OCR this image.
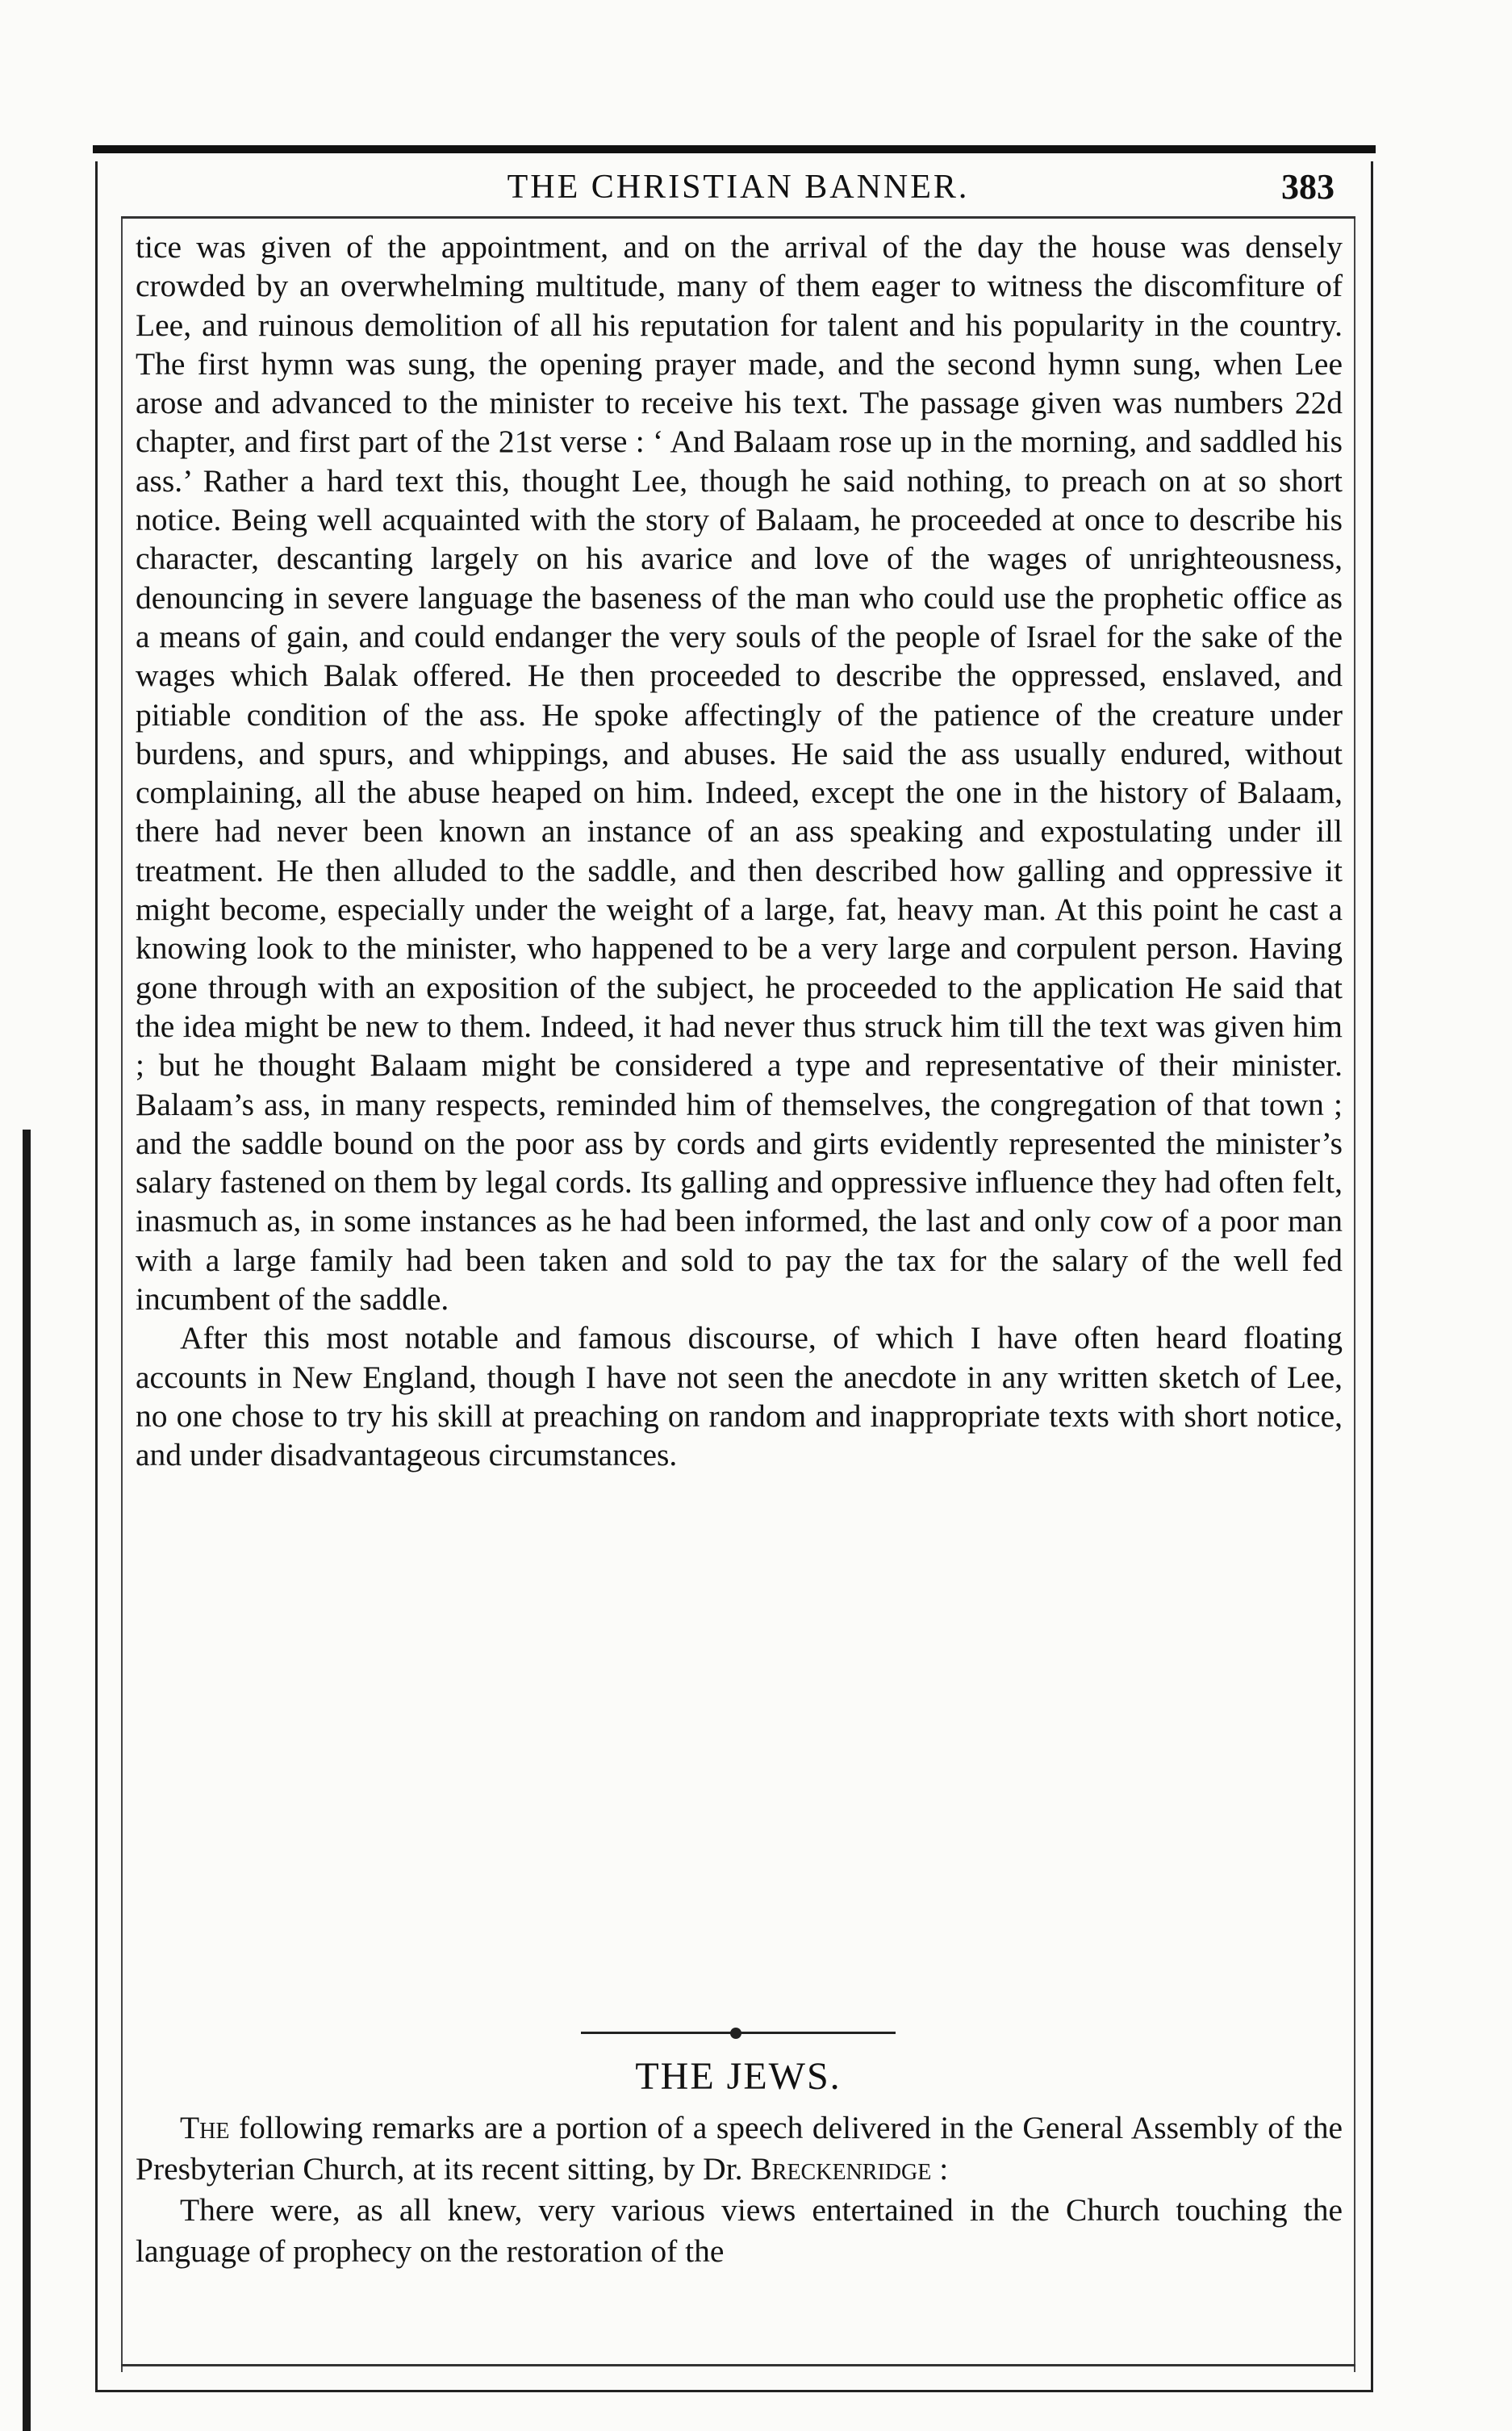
THE CHRISTIAN BANNER.	383

tice was given of the appointment, and on the arrival of the day the house was densely crowded by an overwhelming multitude, many of them eager to witness the discomfiture of Lee, and ruinous demolition of all his reputation for talent and his popularity in the country. The first hymn was sung, the opening prayer made, and the second hymn sung, when Lee arose and advanced to the minister to receive his text. The passage given was numbers 22d chapter, and first part of the 21st verse : ‘ And Balaam rose up in the morning, and saddled his ass.’ Rather a hard text this, thought Lee, though he said nothing, to preach on at so short notice. Being well acquainted with the story of Balaam, he proceeded at once to describe his character, descanting largely on his avarice and love of the wages of unrighteousness, denouncing in severe language the baseness of the man who could use the prophetic office as a means of gain, and could endanger the very souls of the people of Israel for the sake of the wages which Balak offered. He then proceeded to describe the oppressed, enslaved, and pitiable condition of the ass. He spoke affectingly of the patience of the creature under burdens, and spurs, and whippings, and abuses. He said the ass usually endured, without complaining, all the abuse heaped on him. Indeed, except the one in the history of Balaam, there had never been known an instance of an ass speaking and expostulating under ill treatment. He then alluded to the saddle, and then described how galling and oppressive it might become, especially under the weight of a large, fat, heavy man. At this point he cast a knowing look to the minister, who happened to be a very large and corpulent person. Having gone through with an exposition of the subject, he proceeded to the application He said that the idea might be new to them. Indeed, it had never thus struck him till the text was given him ; but he thought Balaam might be considered a type and representative of their minister. Balaam’s ass, in many respects, reminded him of themselves, the congregation of that town ; and the saddle bound on the poor ass by cords and girts evidently represented the minister’s salary fastened on them by legal cords. Its galling and oppressive influence they had often felt, inasmuch as, in some instances as he had been informed, the last and only cow of a poor man with a large family had been taken and sold to pay the tax for the salary of the well fed incumbent of the saddle.

After this most notable and famous discourse, of which I have often heard floating accounts in New England, though I have not seen the anecdote in any written sketch of Lee, no one chose to try his skill at preaching on random and inappropriate texts with short notice, and under disadvantageous circumstances.

THE JEWS.

The following remarks are a portion of a speech delivered in the General Assembly of the Presbyterian Church, at its recent sitting, by Dr. Breckenridge :

There were, as all knew, very various views entertained in the Church touching the language of prophecy on the restoration of the
